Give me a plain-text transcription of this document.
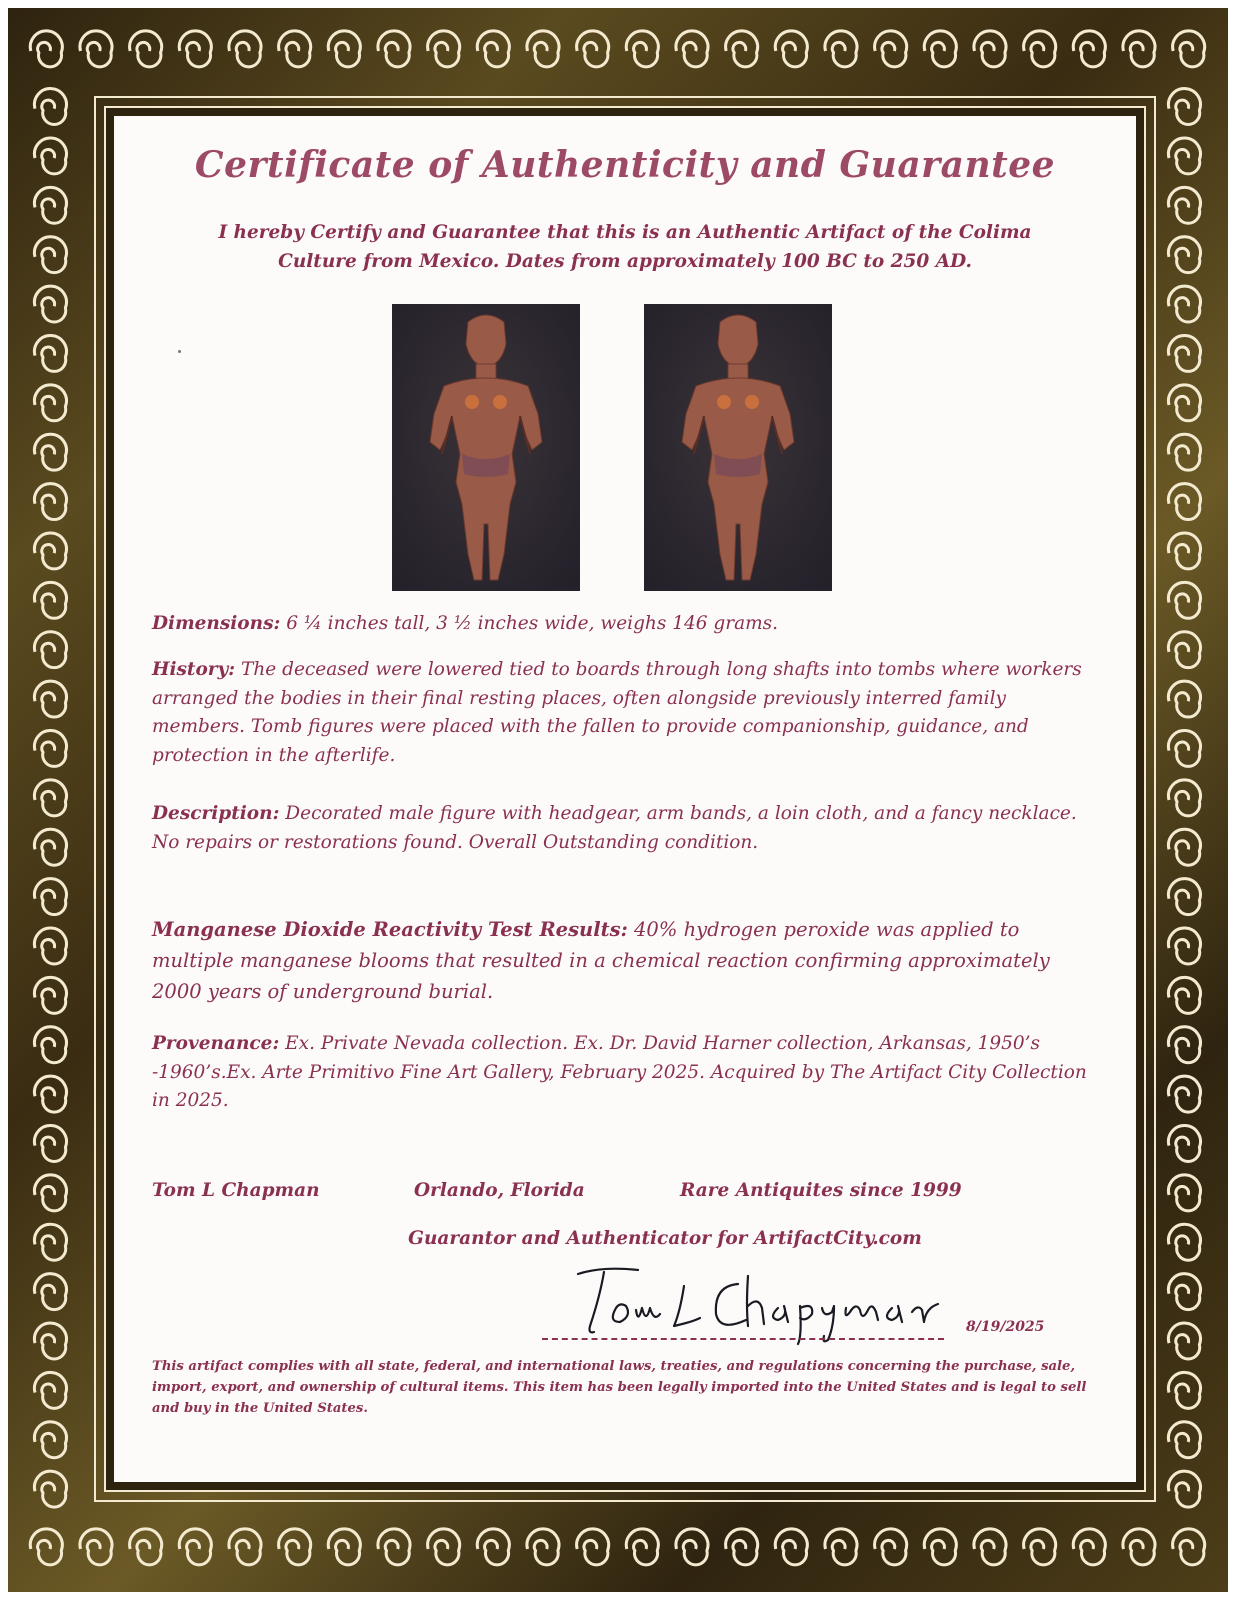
Certificate of Authenticity and Guarantee
I hereby Certify and Guarantee that this is an Authentic Artifact of the Colima
Culture from Mexico. Dates from approximately 100 BC to 250 AD.
Dimensions: 6 ¼ inches tall, 3 ½ inches wide, weighs 146 grams.
History: The deceased were lowered tied to boards through long shafts into tombs where workers arranged the bodies in their final resting places, often alongside previously interred family members. Tomb figures were placed with the fallen to provide companionship, guidance, and protection in the afterlife.
Description: Decorated male figure with headgear, arm bands, a loin cloth, and a fancy necklace. No repairs or restorations found. Overall Outstanding condition.
Manganese Dioxide Reactivity Test Results: 40% hydrogen peroxide was applied to multiple manganese blooms that resulted in a chemical reaction confirming approximately 2000 years of underground burial.
Provenance: Ex. Private Nevada collection. Ex. Dr. David Harner collection, Arkansas, 1950’s -1960’s.Ex. Arte Primitivo Fine Art Gallery, February 2025. Acquired by The Artifact City Collection in 2025.
Tom L Chapman	Orlando, Florida	Rare Antiquites since 1999
Guarantor and Authenticator for ArtifactCity.com
8/19/2025
This artifact complies with all state, federal, and international laws, treaties, and regulations concerning the purchase, sale, import, export, and ownership of cultural items. This item has been legally imported into the United States and is legal to sell and buy in the United States.
